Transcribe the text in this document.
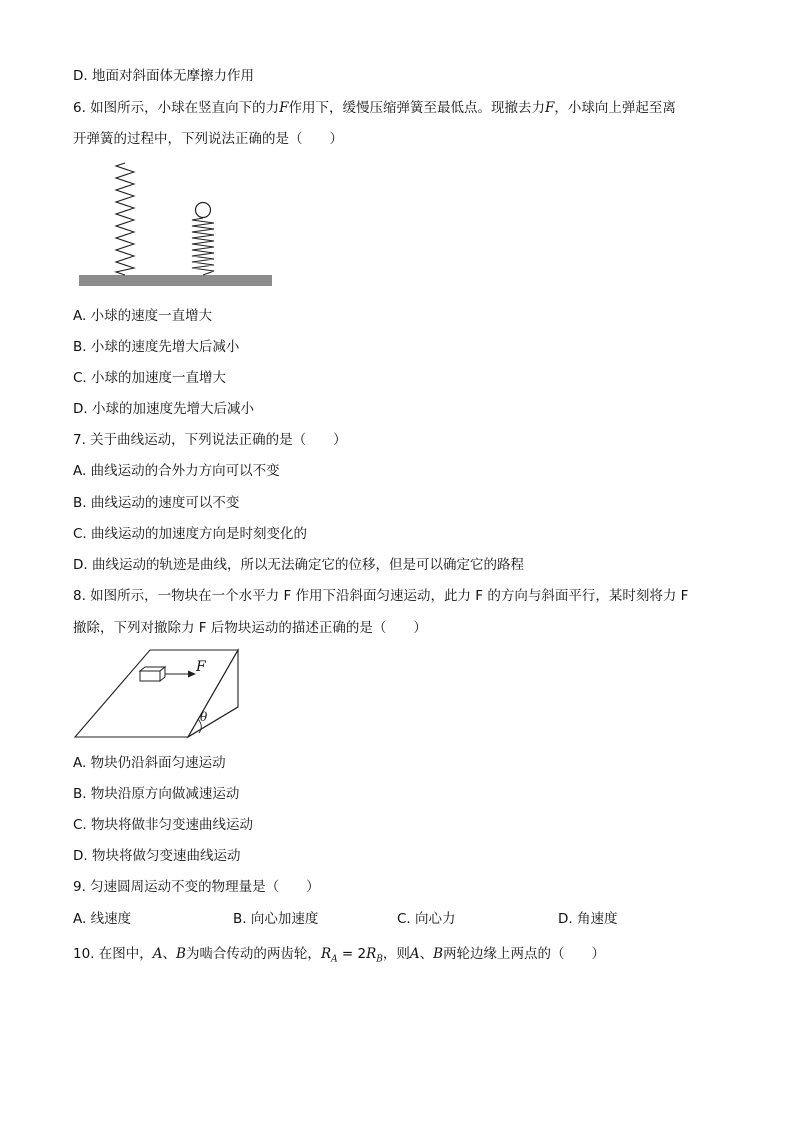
D. 地面对斜面体无摩擦力作用
6. 如图所示，小球在竖直向下的力F作用下，缓慢压缩弹簧至最低点。现撤去力F，小球向上弹起至离
开弹簧的过程中，下列说法正确的是（　　）
A. 小球的速度一直增大
B. 小球的速度先增大后减小
C. 小球的加速度一直增大
D. 小球的加速度先增大后减小
7. 关于曲线运动，下列说法正确的是（　　）
A. 曲线运动的合外力方向可以不变
B. 曲线运动的速度可以不变
C. 曲线运动的加速度方向是时刻变化的
D. 曲线运动的轨迹是曲线，所以无法确定它的位移，但是可以确定它的路程
8. 如图所示，一物块在一个水平力 F 作用下沿斜面匀速运动，此力 F 的方向与斜面平行，某时刻将力 F
撤除，下列对撤除力 F 后物块运动的描述正确的是（　　）
θ
F
A. 物块仍沿斜面匀速运动
B. 物块沿原方向做减速运动
C. 物块将做非匀变速曲线运动
D. 物块将做匀变速曲线运动
9. 匀速圆周运动不变的物理量是（　　）
A. 线速度	B. 向心加速度	C. 向心力	D. 角速度
10. 在图中，A、B为啮合传动的两齿轮，$R_A = 2R_B$，则A、B两轮边缘上两点的（　　）
